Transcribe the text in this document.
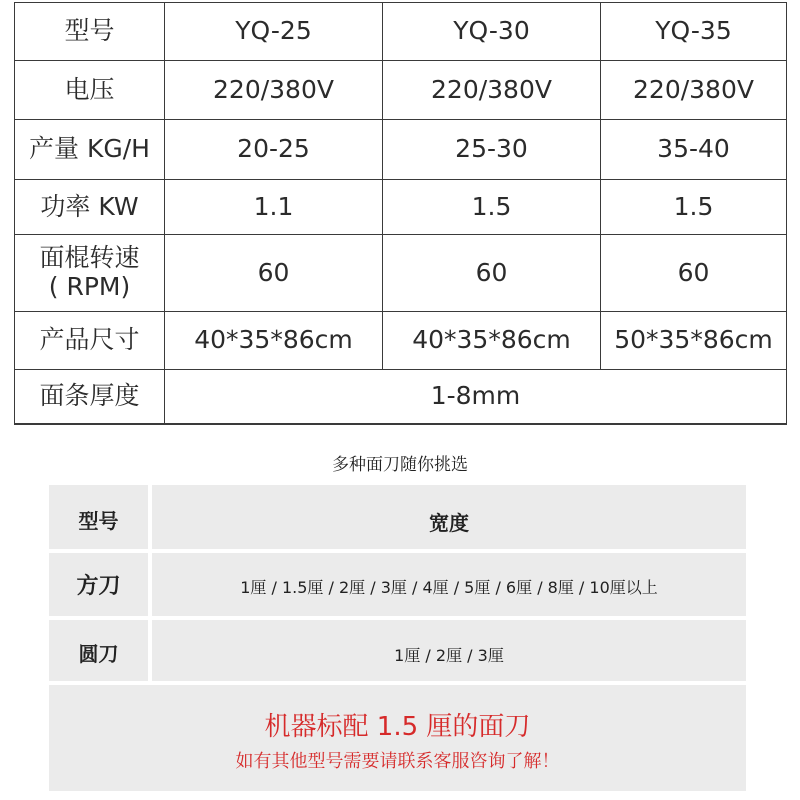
型号	YQ-25	YQ-30	YQ-35
电压	220/380V	220/380V	220/380V
产量 KG/H	20-25	25-30	35-40
功率 KW	1.1	1.5	1.5

面棍转速
( RPM)	60	60	60
产品尺寸	40*35*86cm	40*35*86cm	50*35*86cm
面条厚度	1-8mm		
多种面刀随你挑选
型号	宽度
方刀	1厘 / 1.5厘 / 2厘 / 3厘 / 4厘 / 5厘 / 6厘 / 8厘 / 10厘以上
圆刀	1厘 / 2厘 / 3厘
机器标配 1.5 厘的面刀
如有其他型号需要请联系客服咨询了解！
